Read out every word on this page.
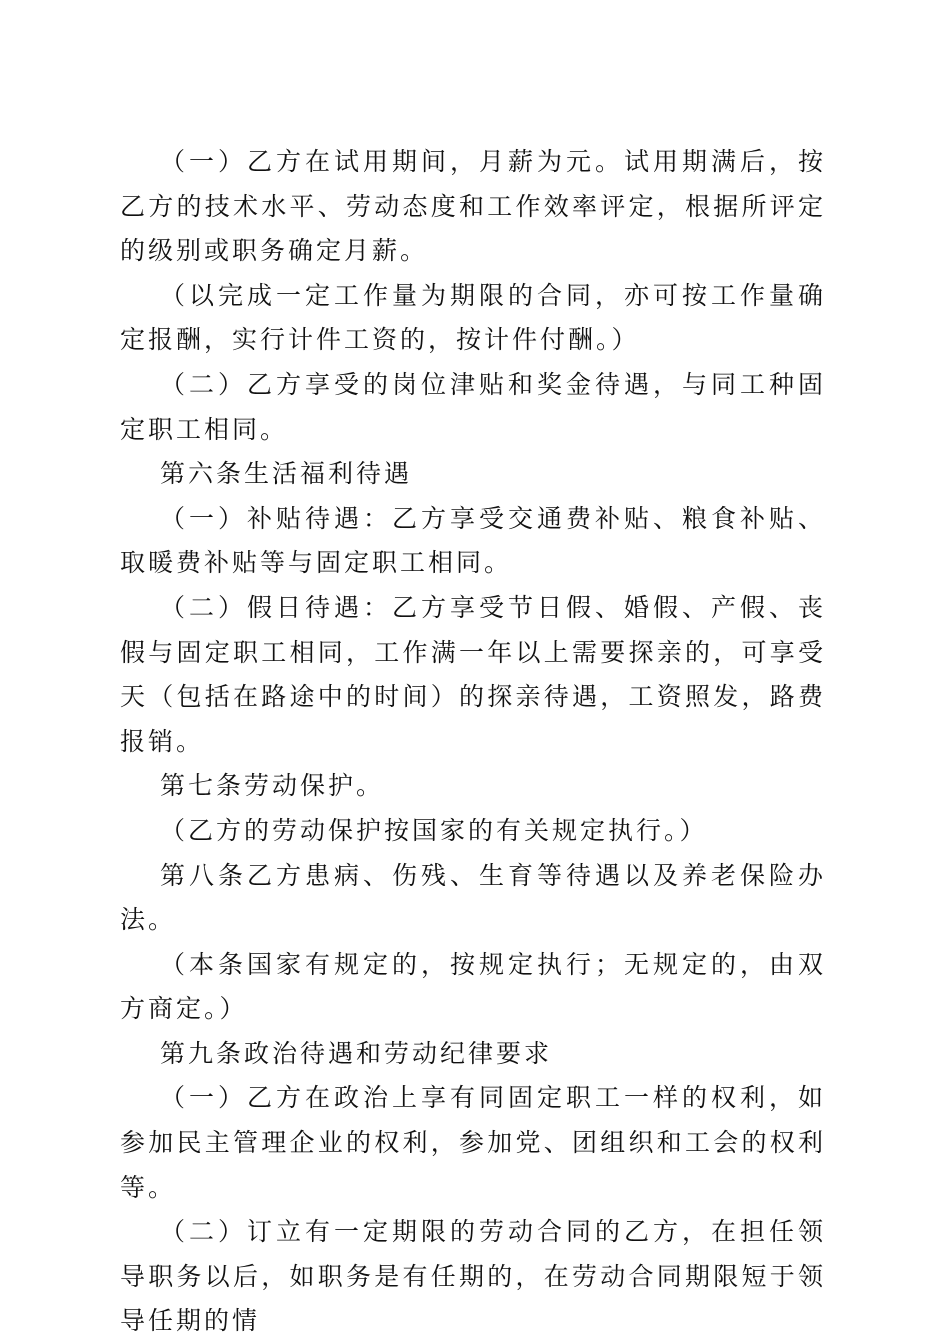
（一）乙方在试用期间，月薪为元。试用期满后，按乙方的技术水平、劳动态度和工作效率评定，根据所评定的级别或职务确定月薪。

（以完成一定工作量为期限的合同，亦可按工作量确定报酬，实行计件工资的，按计件付酬。）

（二）乙方享受的岗位津贴和奖金待遇，与同工种固定职工相同。

第六条生活福利待遇

（一）补贴待遇：乙方享受交通费补贴、粮食补贴、取暖费补贴等与固定职工相同。

（二）假日待遇：乙方享受节日假、婚假、产假、丧假与固定职工相同，工作满一年以上需要探亲的，可享受天（包括在路途中的时间）的探亲待遇，工资照发，路费报销。

第七条劳动保护。

（乙方的劳动保护按国家的有关规定执行。）

第八条乙方患病、伤残、生育等待遇以及养老保险办法。

（本条国家有规定的，按规定执行；无规定的，由双方商定。）

第九条政治待遇和劳动纪律要求

（一）乙方在政治上享有同固定职工一样的权利，如参加民主管理企业的权利，参加党、团组织和工会的权利等。

（二）订立有一定期限的劳动合同的乙方，在担任领导职务以后，如职务是有任期的，在劳动合同期限短于领导任期的情
